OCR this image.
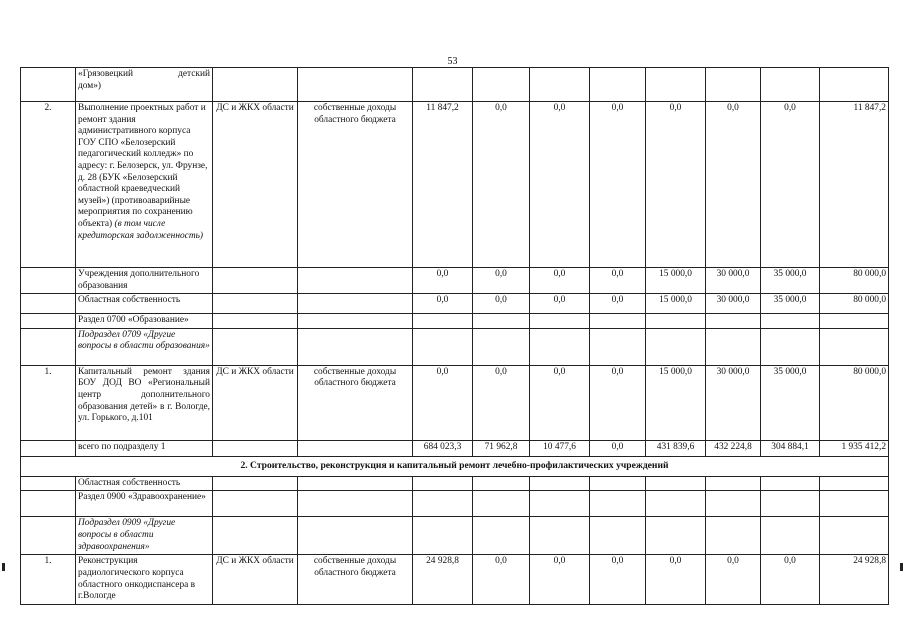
53

	«Грязовецкий детский
дом»)										
2.	Выполнение проектных работ и ремонт здания административного корпуса ГОУ СПО «Белозерский педагогический колледж» по адресу: г. Белозерск, ул. Фрунзе, д. 28 (БУК «Белозерский областной краеведческий музей») (противоаварийные мероприятия по сохранению объекта) (в том числе кредиторская задолженность)	ДС и ЖКХ области	собственные доходы областного бюджета	11 847,2	0,0	0,0	0,0	0,0	0,0	0,0	11 847,2
	Учреждения дополнительного образования			0,0	0,0	0,0	0,0	15 000,0	30 000,0	35 000,0	80 000,0
	Областная собственность			0,0	0,0	0,0	0,0	15 000,0	30 000,0	35 000,0	80 000,0
	Раздел 0700 «Образование»										
	Подраздел 0709 «Другие вопросы в области образования»										
1.	Капитальный ремонт здания БОУ ДОД ВО «Региональный центр дополнительного образования детей» в г. Вологде, ул. Горького, д.101	ДС и ЖКХ области	собственные доходы областного бюджета	0,0	0,0	0,0	0,0	15 000,0	30 000,0	35 000,0	80 000,0
	всего по подразделу 1			684 023,3	71 962,8	10 477,6	0,0	431 839,6	432 224,8	304 884,1	1 935 412,2
2. Строительство, реконструкция и капитальный ремонт лечебно-профилактических учреждений											
	Областная собственность										
	Раздел 0900 «Здравоохранение»										
	Подраздел 0909 «Другие вопросы в области здравоохранения»										
1.	Реконструкция радиологического корпуса областного онкодиспансера в г.Вологде	ДС и ЖКХ области	собственные доходы областного бюджета	24 928,8	0,0	0,0	0,0	0,0	0,0	0,0	24 928,8
